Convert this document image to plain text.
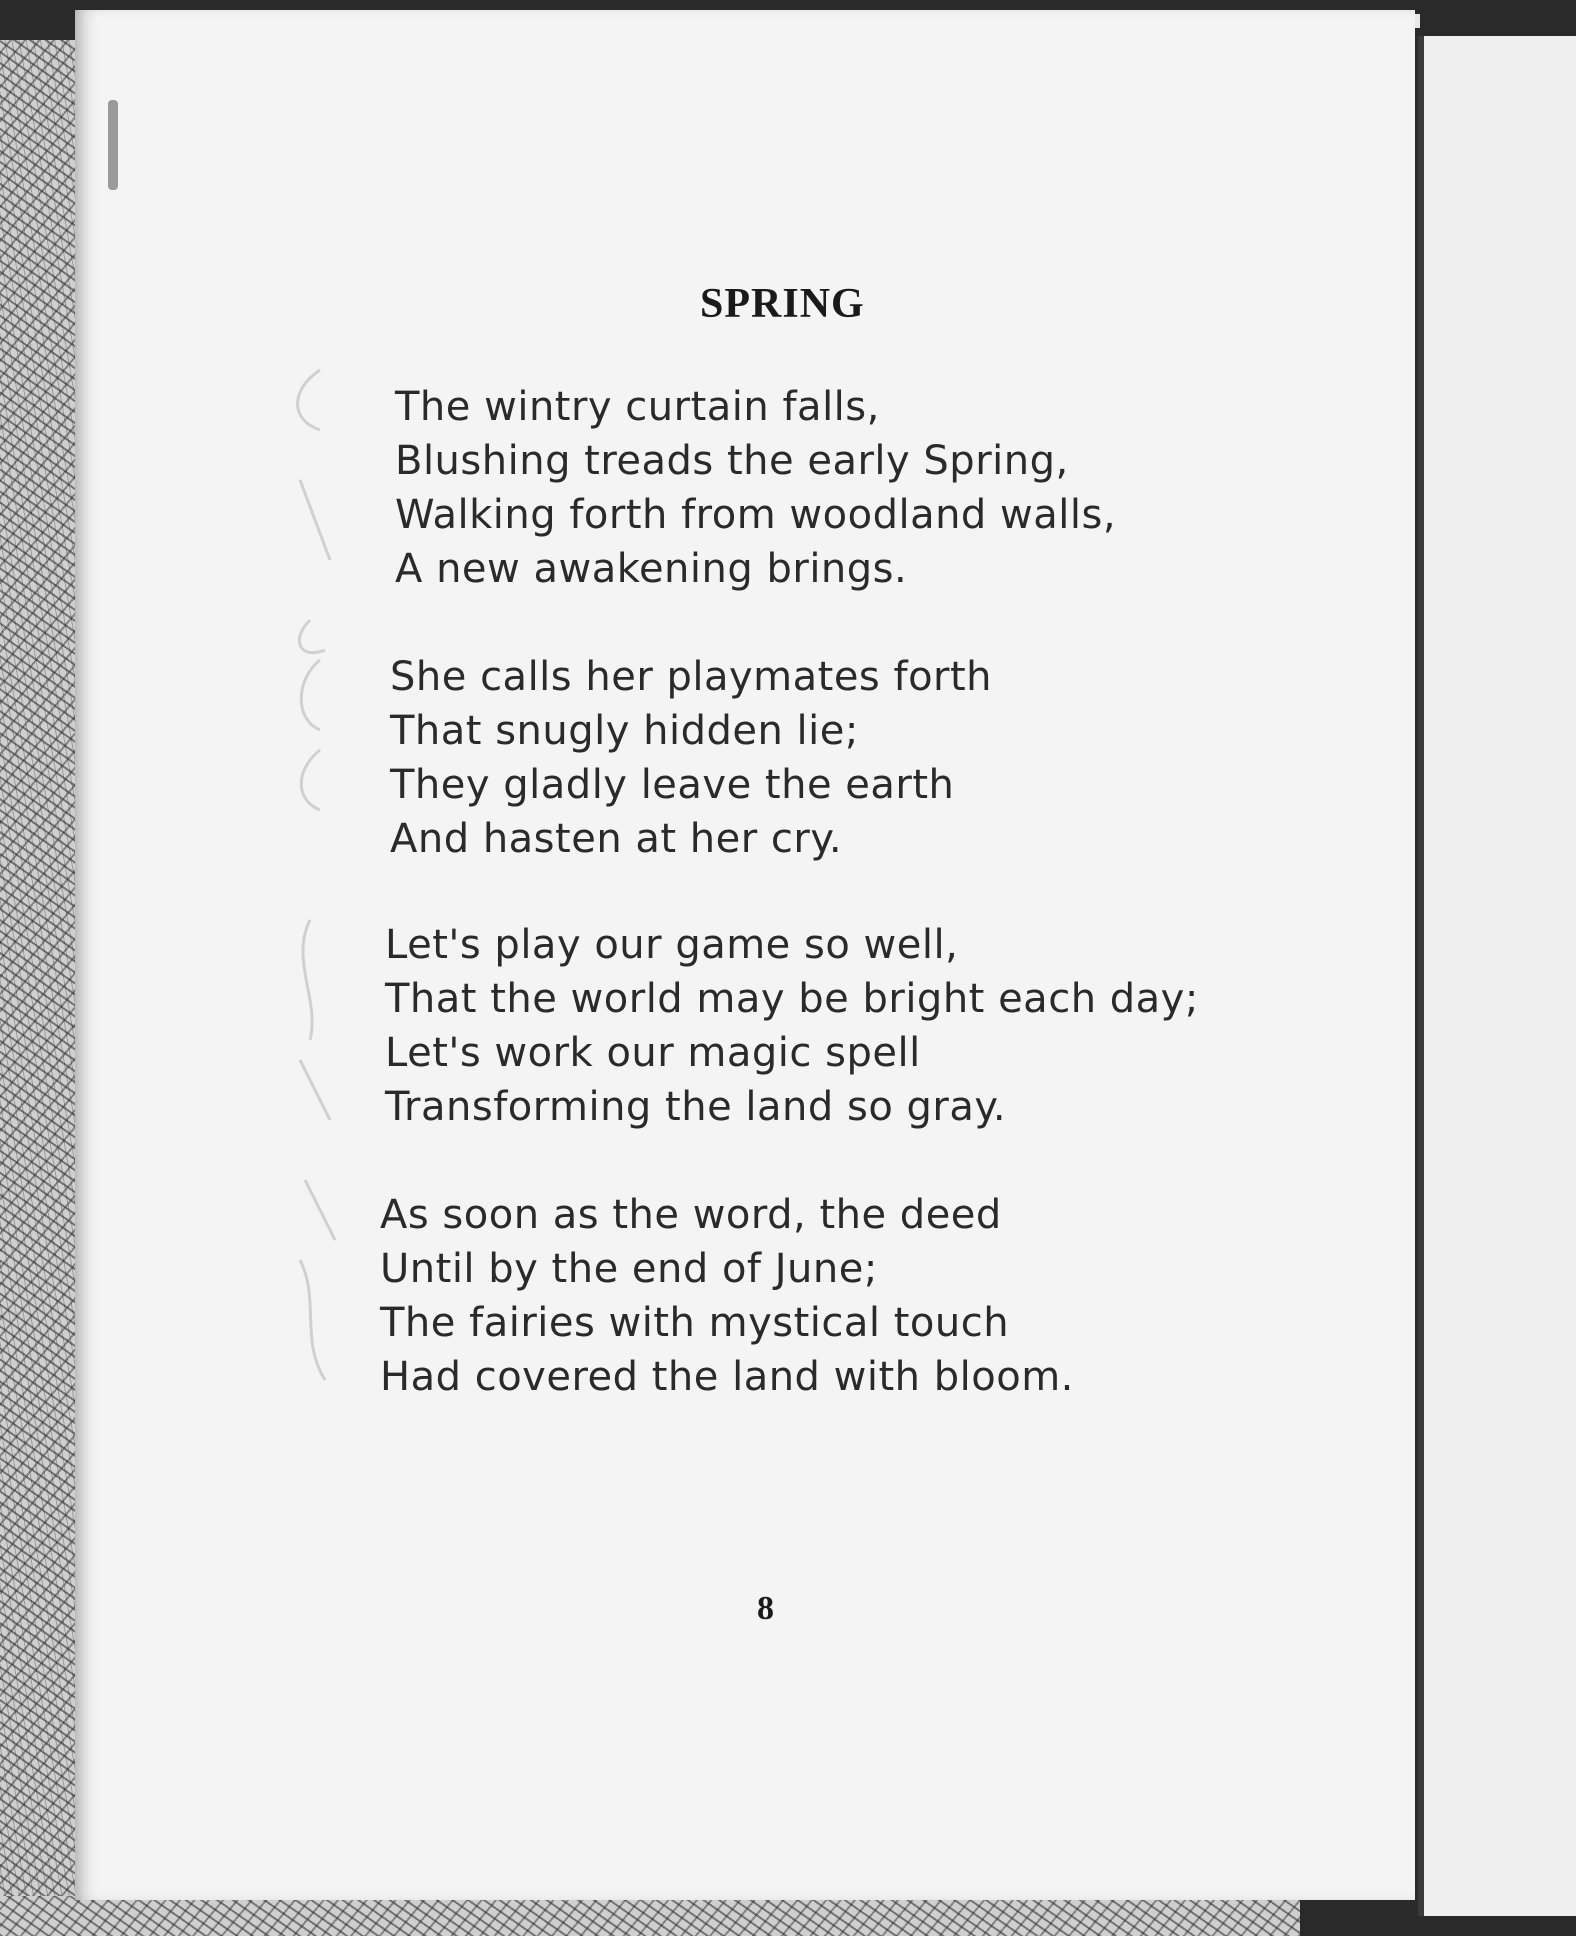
SPRING

The wintry curtain falls,
Blushing treads the early Spring,
Walking forth from woodland walls,
A new awakening brings.

She calls her playmates forth
That snugly hidden lie;
They gladly leave the earth
And hasten at her cry.

Let's play our game so well,
That the world may be bright each day;
Let's work our magic spell
Transforming the land so gray.

As soon as the word, the deed
Until by the end of June;
The fairies with mystical touch
Had covered the land with bloom.

8
